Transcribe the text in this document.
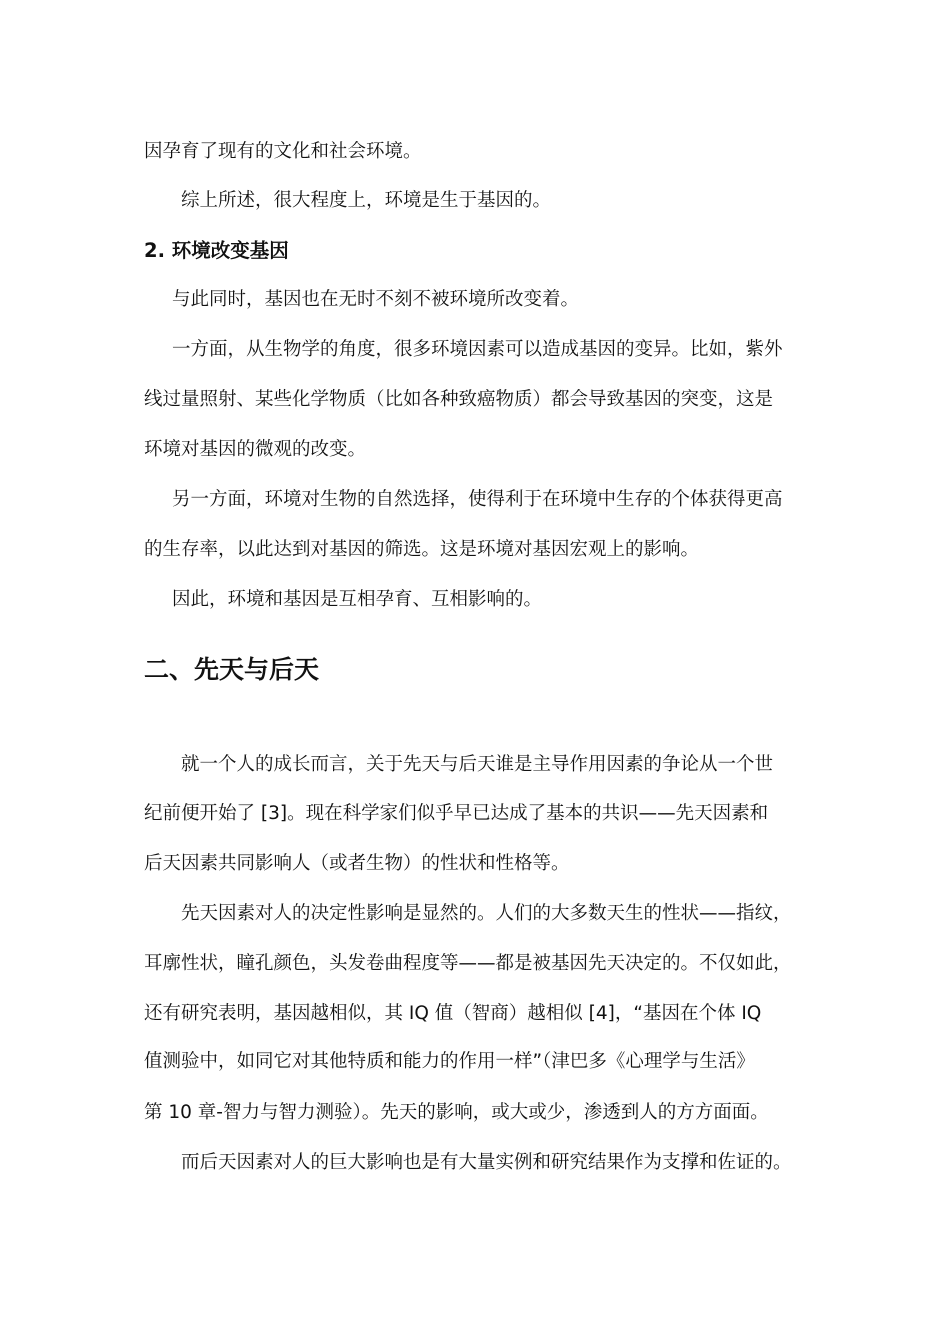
因孕育了现有的文化和社会环境。
综上所述，很大程度上，环境是生于基因的。
2. 环境改变基因
与此同时，基因也在无时不刻不被环境所改变着。
一方面，从生物学的角度，很多环境因素可以造成基因的变异。比如，紫外
线过量照射、某些化学物质（比如各种致癌物质）都会导致基因的突变，这是
环境对基因的微观的改变。
另一方面，环境对生物的自然选择，使得利于在环境中生存的个体获得更高
的生存率，以此达到对基因的筛选。这是环境对基因宏观上的影响。
因此，环境和基因是互相孕育、互相影响的。
二、先天与后天
就一个人的成长而言，关于先天与后天谁是主导作用因素的争论从一个世
纪前便开始了 [3]。现在科学家们似乎早已达成了基本的共识——先天因素和
后天因素共同影响人（或者生物）的性状和性格等。
先天因素对人的决定性影响是显然的。人们的大多数天生的性状——指纹，
耳廓性状，瞳孔颜色，头发卷曲程度等——都是被基因先天决定的。不仅如此，
还有研究表明，基因越相似，其 IQ 值（智商）越相似 [4]，“基因在个体 IQ
值测验中，如同它对其他特质和能力的作用一样”（津巴多《心理学与生活》
第 10 章-智力与智力测验）。先天的影响，或大或少，渗透到人的方方面面。
而后天因素对人的巨大影响也是有大量实例和研究结果作为支撑和佐证的。
